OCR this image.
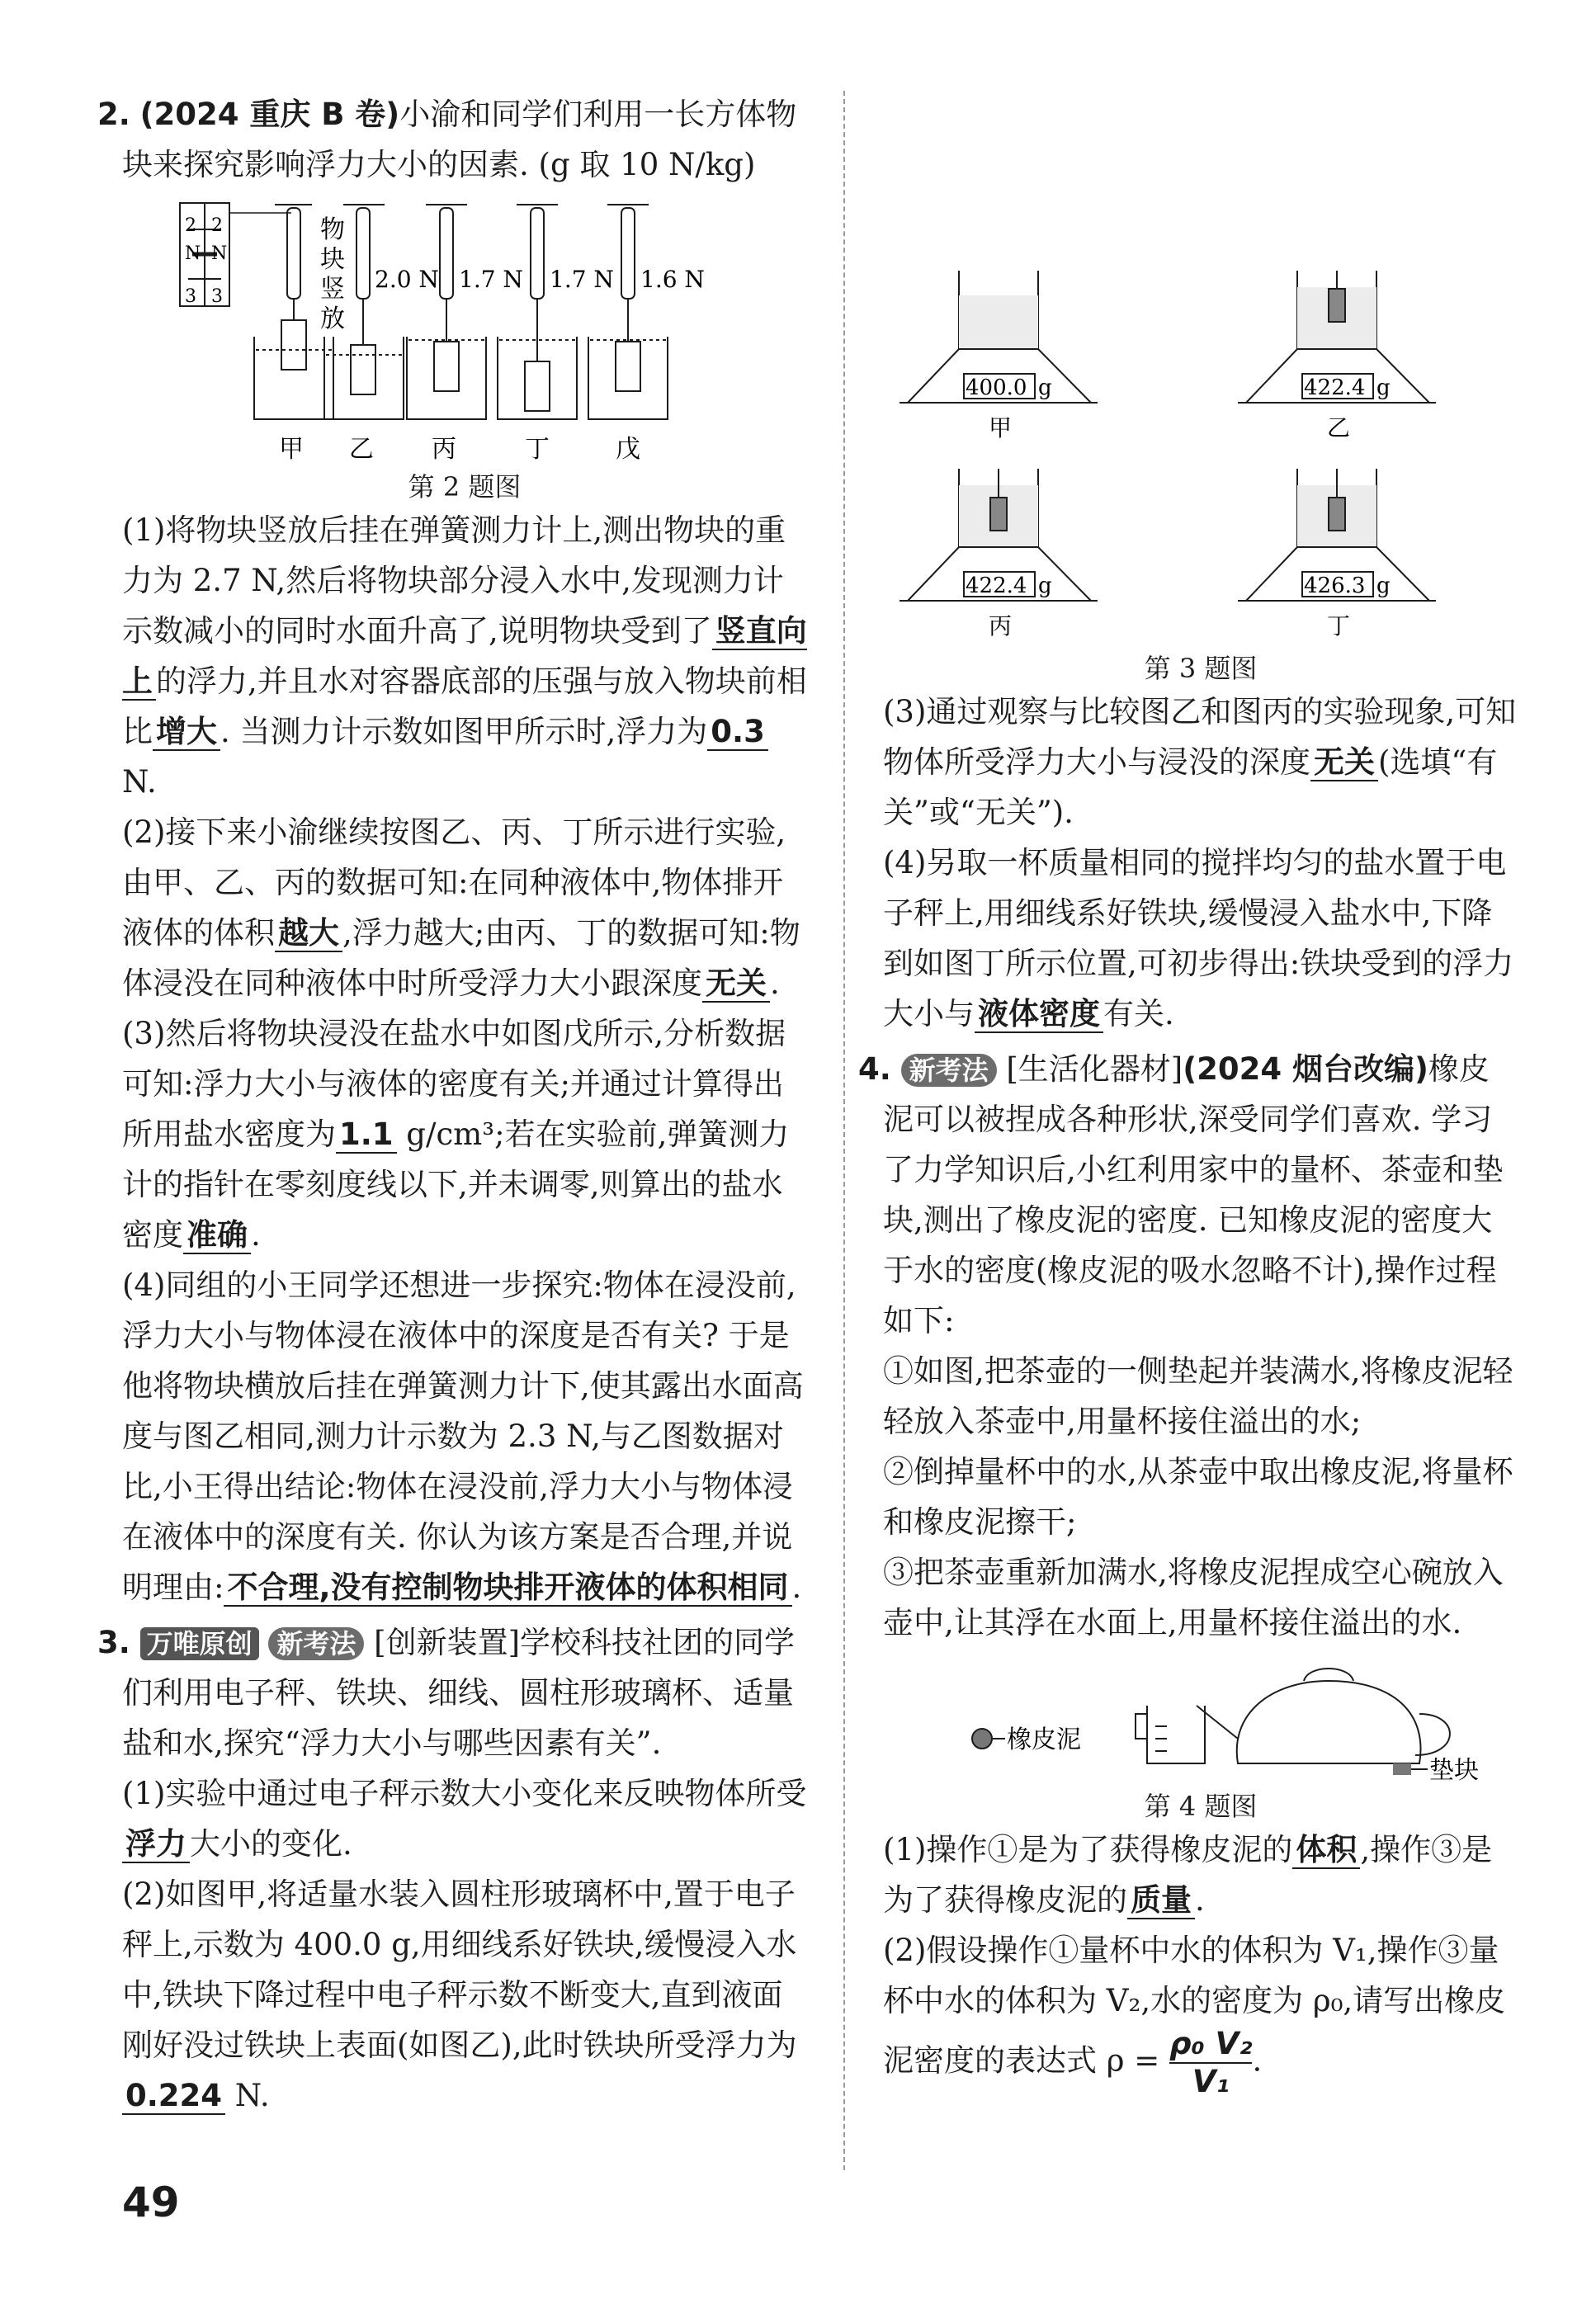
2. (2024 重庆 B 卷)小渝和同学们利用一长方体物块来探究影响浮力大小的因素. (g 取 10 N/kg)
2
N
3
2
N
3
甲
物
块
竖
放
2.0 N
乙
1.7 N
丙
1.7 N
丁
1.6 N
戊
第 2 题图

(1)将物块竖放后挂在弹簧测力计上,测出物块的重力为 2.7 N,然后将物块部分浸入水中,发现测力计示数减小的同时水面升高了,说明物块受到了 竖直向上 的浮力,并且水对容器底部的压强与放入物块前相比 增大 . 当测力计示数如图甲所示时,浮力为 0.3 N.

(2)接下来小渝继续按图乙、丙、丁所示进行实验,由甲、乙、丙的数据可知:在同种液体中,物体排开液体的体积 越大 ,浮力越大;由丙、丁的数据可知:物体浸没在同种液体中时所受浮力大小跟深度 无关 .

(3)然后将物块浸没在盐水中如图戊所示,分析数据可知:浮力大小与液体的密度有关;并通过计算得出所用盐水密度为 1.1 g/cm³;若在实验前,弹簧测力计的指针在零刻度线以下,并未调零,则算出的盐水密度 准确 .

(4)同组的小王同学还想进一步探究:物体在浸没前,浮力大小与物体浸在液体中的深度是否有关? 于是他将物块横放后挂在弹簧测力计下,使其露出水面高度与图乙相同,测力计示数为 2.3 N,与乙图数据对比,小王得出结论:物体在浸没前,浮力大小与物体浸在液体中的深度有关. 你认为该方案是否合理,并说明理由: 不合理,没有控制物块排开液体的体积相同 .

3. 万唯原创 新考法 [创新装置]学校科技社团的同学们利用电子秤、铁块、细线、圆柱形玻璃杯、适量盐和水,探究“浮力大小与哪些因素有关”.

(1)实验中通过电子秤示数大小变化来反映物体所受浮力 大小的变化.

(2)如图甲,将适量水装入圆柱形玻璃杯中,置于电子秤上,示数为 400.0 g,用细线系好铁块,缓慢浸入水中,铁块下降过程中电子秤示数不断变大,直到液面刚好没过铁块上表面(如图乙),此时铁块所受浮力为0.224 N.

400.0 g
甲
422.4 g
乙
422.4 g
丙
426.3 g
丁
第 3 题图

(3)通过观察与比较图乙和图丙的实验现象,可知物体所受浮力大小与浸没的深度 无关 (选填“有关”或“无关”).

(4)另取一杯质量相同的搅拌均匀的盐水置于电子秤上,用细线系好铁块,缓慢浸入盐水中,下降到如图丁所示位置,可初步得出:铁块受到的浮力大小与 液体密度 有关.

4. 新考法 [生活化器材](2024 烟台改编)橡皮泥可以被捏成各种形状,深受同学们喜欢. 学习了力学知识后,小红利用家中的量杯、茶壶和垫块,测出了橡皮泥的密度. 已知橡皮泥的密度大于水的密度(橡皮泥的吸水忽略不计),操作过程如下:

①如图,把茶壶的一侧垫起并装满水,将橡皮泥轻轻放入茶壶中,用量杯接住溢出的水;

②倒掉量杯中的水,从茶壶中取出橡皮泥,将量杯和橡皮泥擦干;

③把茶壶重新加满水,将橡皮泥捏成空心碗放入壶中,让其浮在水面上,用量杯接住溢出的水.

橡皮泥
垫块
第 4 题图

(1)操作①是为了获得橡皮泥的 体积 ,操作③是为了获得橡皮泥的 质量 .

(2)假设操作①量杯中水的体积为 V₁,操作③量杯中水的体积为 V₂,水的密度为 ρ₀,请写出橡皮泥密度的表达式 $\rho = \frac{\text{ρ₀ V₂}}{\text{V₁}}$ .

49
